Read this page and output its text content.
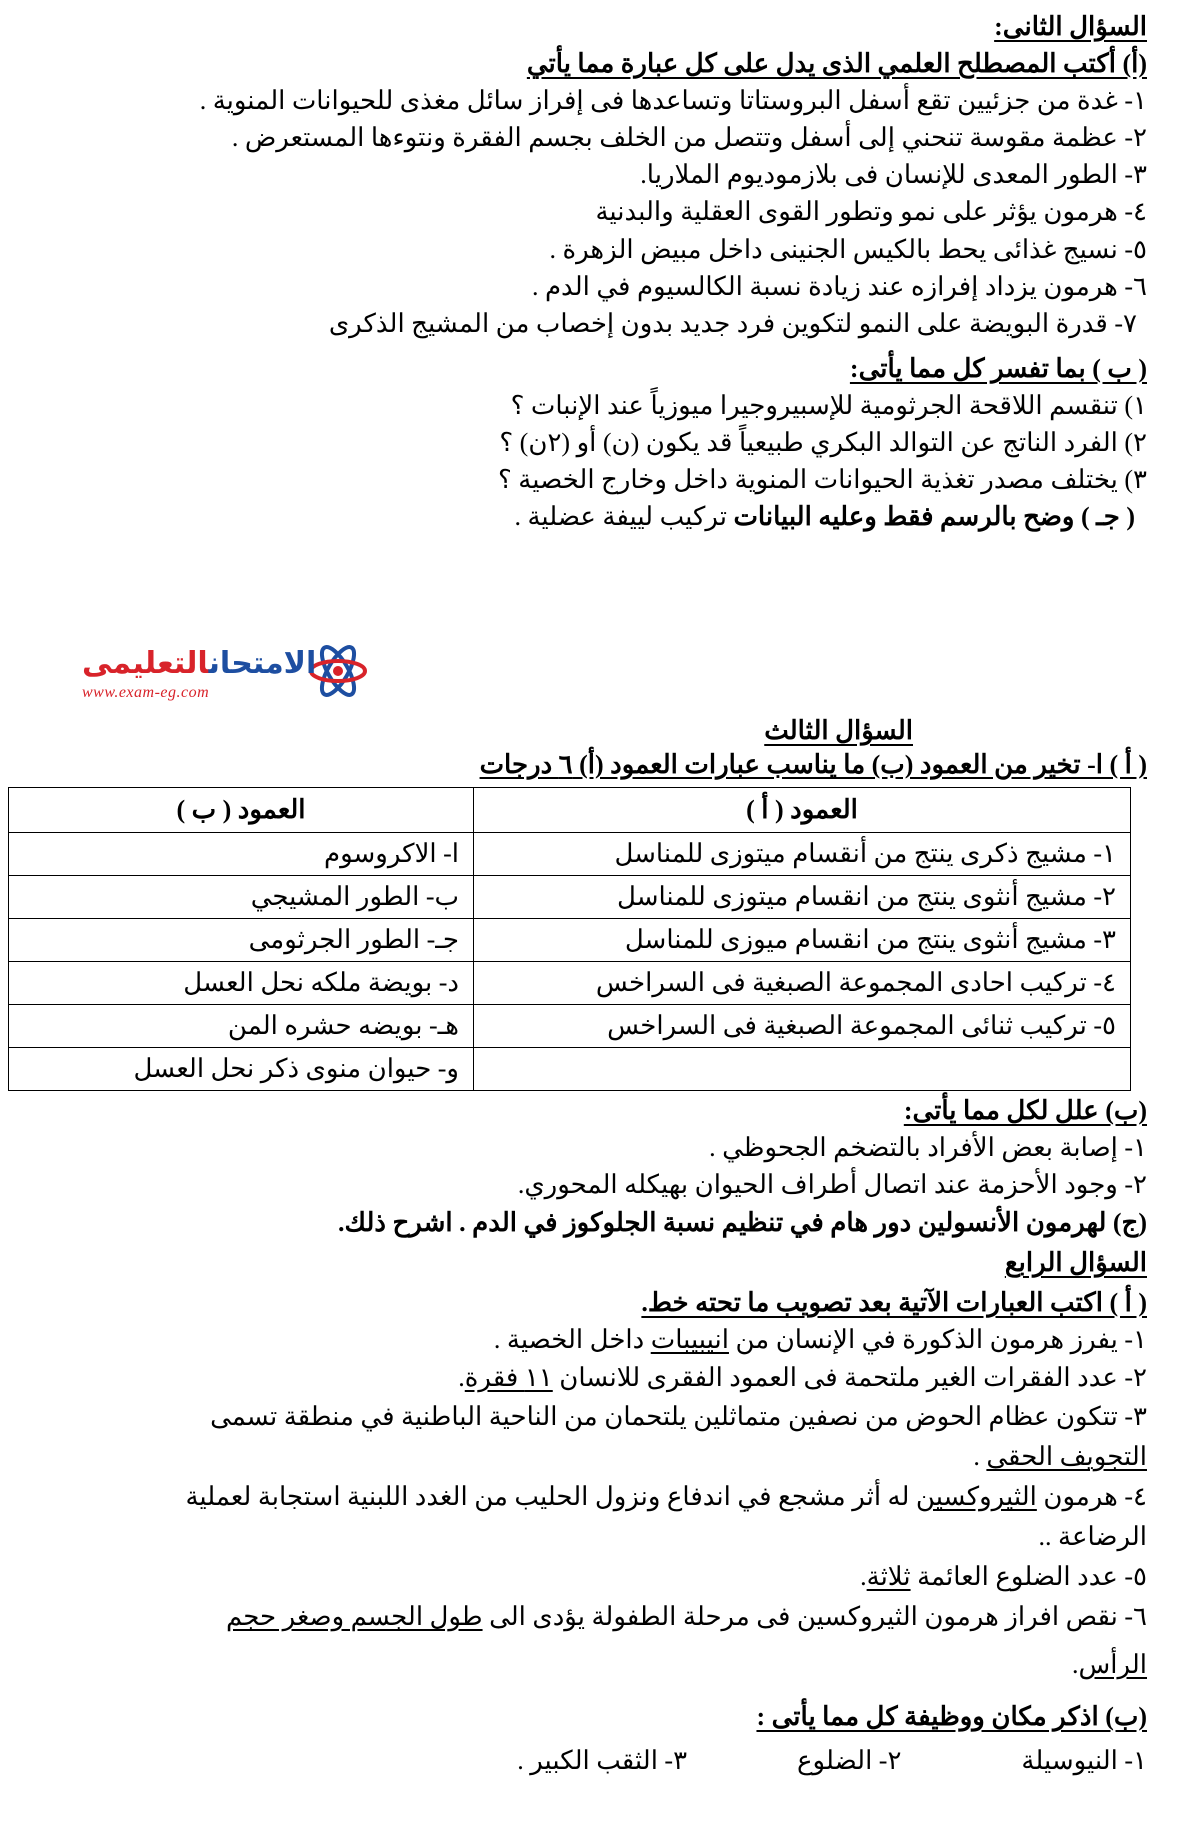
السؤال الثانى:
(أ) أكتب المصطلح العلمي الذى يدل على كل عبارة مما يأتي
١- غدة من جزئيين تقع أسفل البروستاتا وتساعدها فى إفراز سائل مغذى للحيوانات المنوية .
٢- عظمة مقوسة تنحني إلى أسفل وتتصل من الخلف بجسم الفقرة ونتوءها المستعرض .
٣- الطور المعدى للإنسان فى بلازموديوم الملاريا.
٤- هرمون يؤثر على نمو وتطور القوى العقلية والبدنية
٥- نسيج غذائى يحط بالكيس الجنينى داخل مبيض الزهرة .
٦- هرمون يزداد إفرازه عند زيادة نسبة الكالسيوم في الدم .
٧- قدرة البويضة على النمو لتكوين فرد جديد بدون إخصاب من المشيج الذكرى
( ب ) بما تفسر كل مما يأتى:
١) تنقسم اللاقحة الجرثومية للإسبيروجيرا ميوزياً عند الإنبات ؟
٢) الفرد الناتج عن التوالد البكري طبيعياً قد يكون (ن) أو (٢ن) ؟
٣) يختلف مصدر تغذية الحيوانات المنوية داخل وخارج الخصية ؟
( جـ ) وضح بالرسم فقط وعليه البيانات تركيب لييفة عضلية .
الامتحانالتعليمى
www.exam-eg.com
السؤال الثالث
( أ ) ا- تخير من العمود (ب) ما يناسب عبارات العمود (أ) ٦ درجات
العمود ( أ )	العمود ( ب )
١- مشيج ذكرى ينتج من أنقسام ميتوزى للمناسل	ا- الاكروسوم
٢- مشيج أنثوى ينتج من انقسام ميتوزى للمناسل	ب- الطور المشيجي
٣- مشيج أنثوى ينتج من انقسام ميوزى للمناسل	جـ- الطور الجرثومى
٤- تركيب احادى المجموعة الصبغية فى السراخس	د- بويضة ملكه نحل العسل
٥- تركيب ثنائى المجموعة الصبغية فى السراخس	هـ- بويضه حشره المن
	و- حيوان منوى ذكر نحل العسل
(ب) علل لكل مما يأتى:
١- إصابة بعض الأفراد بالتضخم الجحوظي .
٢- وجود الأحزمة عند اتصال أطراف الحيوان بهيكله المحوري.
(ج) لهرمون الأنسولين دور هام في تنظيم نسبة الجلوكوز في الدم . اشرح ذلك.
السؤال الرابع
( أ ) اكتب العبارات الآتية بعد تصويب ما تحته خط.
١- يفرز هرمون الذكورة في الإنسان من انيبيبات داخل الخصية .
٢- عدد الفقرات الغير ملتحمة فى العمود الفقرى للانسان ١١ فقرة.
٣- تتكون عظام الحوض من نصفين متماثلين يلتحمان من الناحية الباطنية في منطقة تسمى
التجويف الحقى .
٤- هرمون الثيروكسين له أثر مشجع في اندفاع ونزول الحليب من الغدد اللبنية استجابة لعملية
الرضاعة ..
٥- عدد الضلوع العائمة ثلاثة.
٦- نقص افراز هرمون الثيروكسين فى مرحلة الطفولة يؤدى الى طول الجسم وصغر حجم
الرأس.
(ب) اذكر مكان ووظيفة كل مما يأتى :
١- النيوسيلة٢- الضلوع٣- الثقب الكبير .
